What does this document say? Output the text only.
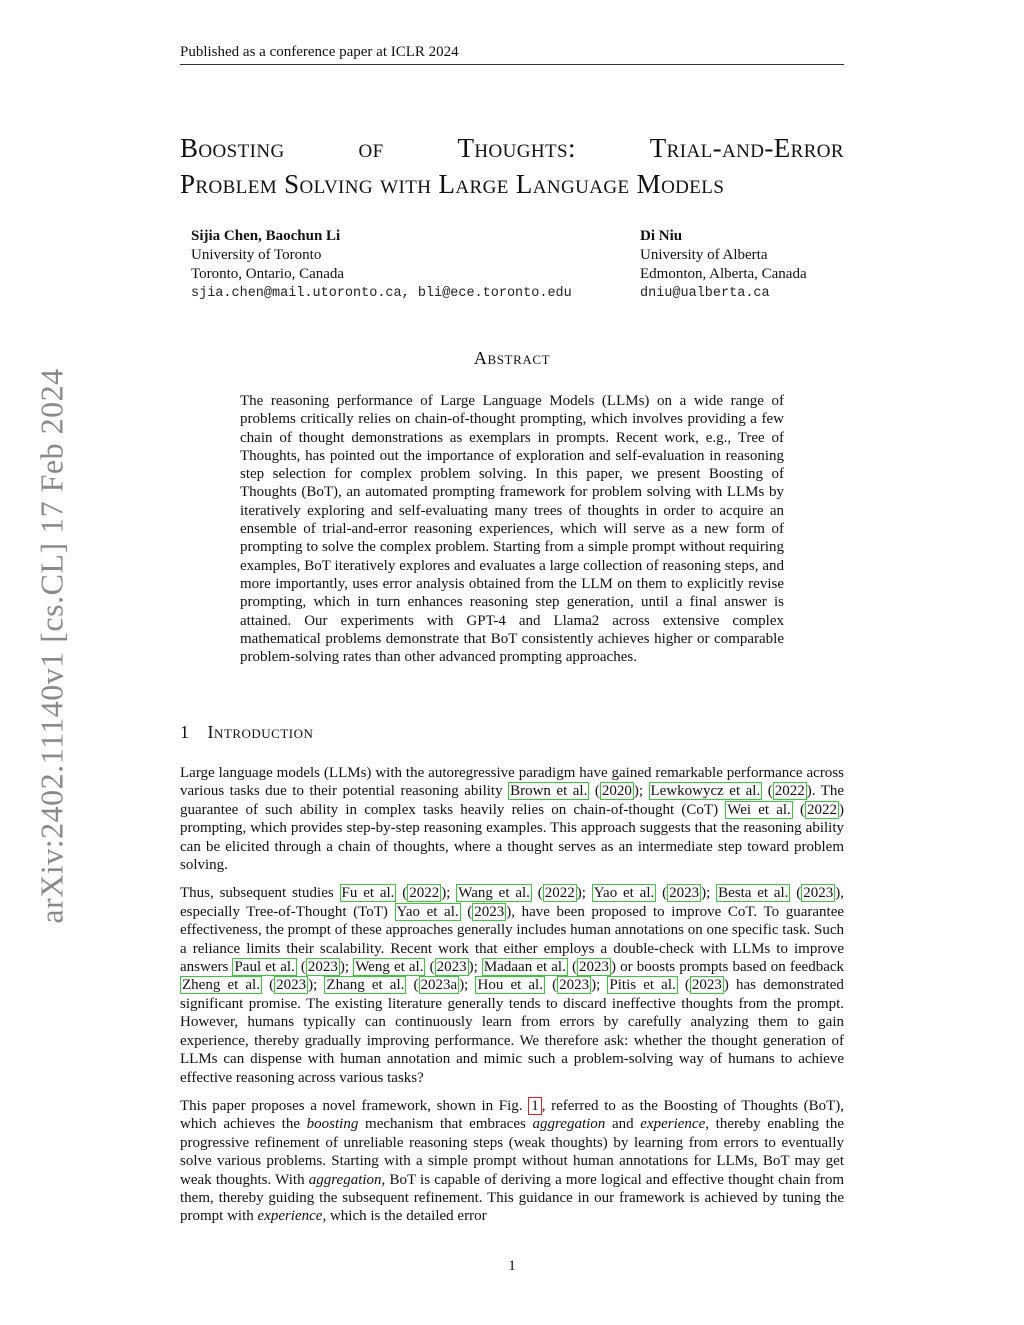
Published as a conference paper at ICLR 2024
arXiv:2402.11140v1 [cs.CL] 17 Feb 2024
Boosting	of	Thoughts:	Trial-and-Error
Problem Solving with Large Language Models
Sijia Chen, Baochun Li
University of Toronto
Toronto, Ontario, Canada
sjia.chen@mail.utoronto.ca, bli@ece.toronto.edu
Di Niu
University of Alberta
Edmonton, Alberta, Canada
dniu@ualberta.ca
Abstract
The reasoning performance of Large Language Models (LLMs) on a wide range of problems critically relies on chain-of-thought prompting, which involves providing a few chain of thought demonstrations as exemplars in prompts. Recent work, e.g., Tree of Thoughts, has pointed out the importance of exploration and self-evaluation in reasoning step selection for complex problem solving. In this paper, we present Boosting of Thoughts (BoT), an automated prompting framework for problem solving with LLMs by iteratively exploring and self-evaluating many trees of thoughts in order to acquire an ensemble of trial-and-error reasoning experiences, which will serve as a new form of prompting to solve the complex problem. Starting from a simple prompt without requiring examples, BoT iteratively explores and evaluates a large collection of reasoning steps, and more importantly, uses error analysis obtained from the LLM on them to explicitly revise prompting, which in turn enhances reasoning step generation, until a final answer is attained. Our experiments with GPT-4 and Llama2 across extensive complex mathematical problems demonstrate that BoT consistently achieves higher or comparable problem-solving rates than other advanced prompting approaches.
1 Introduction

Large language models (LLMs) with the autoregressive paradigm have gained remarkable performance across various tasks due to their potential reasoning ability Brown et al. ( 2020 ); Lewkowycz et al. ( 2022 ). The guarantee of such ability in complex tasks heavily relies on chain-of-thought (CoT) Wei et al. ( 2022 ) prompting, which provides step-by-step reasoning examples. This approach suggests that the reasoning ability can be elicited through a chain of thoughts, where a thought serves as an intermediate step toward problem solving.

Thus, subsequent studies Fu et al. ( 2022 ); Wang et al. ( 2022 ); Yao et al. ( 2023 ); Besta et al. ( 2023 ), especially Tree-of-Thought (ToT) Yao et al. ( 2023 ), have been proposed to improve CoT. To guarantee effectiveness, the prompt of these approaches generally includes human annotations on one specific task. Such a reliance limits their scalability. Recent work that either employs a double-check with LLMs to improve answers Paul et al. ( 2023 ); Weng et al. ( 2023 ); Madaan et al. ( 2023 ) or boosts prompts based on feedback Zheng et al. ( 2023 ); Zhang et al. ( 2023a ); Hou et al. ( 2023 ); Pitis et al. ( 2023 ) has demonstrated significant promise. The existing literature generally tends to discard ineffective thoughts from the prompt. However, humans typically can continuously learn from errors by carefully analyzing them to gain experience, thereby gradually improving performance. We therefore ask: whether the thought generation of LLMs can dispense with human annotation and mimic such a problem-solving way of humans to achieve effective reasoning across various tasks?

This paper proposes a novel framework, shown in Fig. 1 , referred to as the Boosting of Thoughts (BoT), which achieves the boosting mechanism that embraces aggregation and experience, thereby enabling the progressive refinement of unreliable reasoning steps (weak thoughts) by learning from errors to eventually solve various problems. Starting with a simple prompt without human annotations for LLMs, BoT may get weak thoughts. With aggregation, BoT is capable of deriving a more logical and effective thought chain from them, thereby guiding the subsequent refinement. This guidance in our framework is achieved by tuning the prompt with experience, which is the detailed error

1
